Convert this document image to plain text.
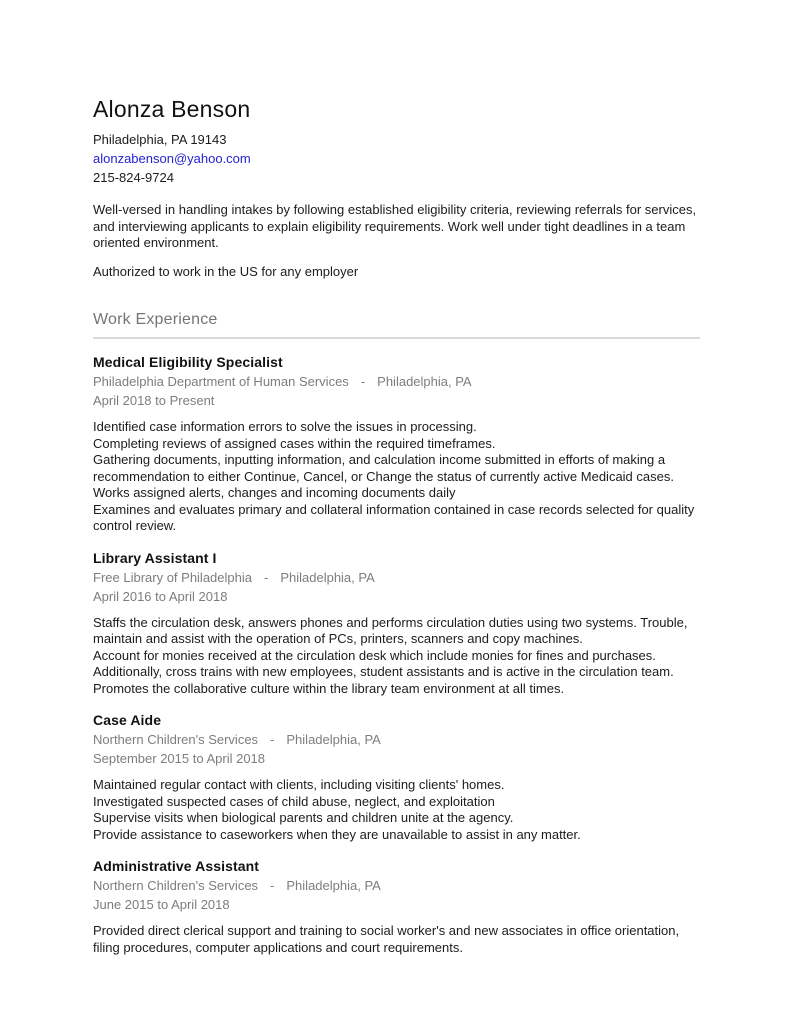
Alonza Benson
Philadelphia, PA 19143
alonzabenson@yahoo.com
215-824-9724

Well-versed in handling intakes by following established eligibility criteria, reviewing referrals for services, and interviewing applicants to explain eligibility requirements. Work well under tight deadlines in a team oriented environment.

Authorized to work in the US for any employer

Work Experience
Medical Eligibility Specialist
Philadelphia Department of Human Services - Philadelphia, PA
April 2018 to Present
Identified case information errors to solve the issues in processing.
Completing reviews of assigned cases within the required timeframes.
Gathering documents, inputting information, and calculation income submitted in efforts of making a recommendation to either Continue, Cancel, or Change the status of currently active Medicaid cases.
Works assigned alerts, changes and incoming documents daily
Examines and evaluates primary and collateral information contained in case records selected for quality control review.
Library Assistant I
Free Library of Philadelphia - Philadelphia, PA
April 2016 to April 2018
Staffs the circulation desk, answers phones and performs circulation duties using two systems. Trouble, maintain and assist with the operation of PCs, printers, scanners and copy machines.
Account for monies received at the circulation desk which include monies for fines and purchases.
Additionally, cross trains with new employees, student assistants and is active in the circulation team.
Promotes the collaborative culture within the library team environment at all times.
Case Aide
Northern Children's Services - Philadelphia, PA
September 2015 to April 2018
Maintained regular contact with clients, including visiting clients' homes.
Investigated suspected cases of child abuse, neglect, and exploitation
Supervise visits when biological parents and children unite at the agency.
Provide assistance to caseworkers when they are unavailable to assist in any matter.
Administrative Assistant
Northern Children's Services - Philadelphia, PA
June 2015 to April 2018
Provided direct clerical support and training to social worker's and new associates in office orientation, filing procedures, computer applications and court requirements.
